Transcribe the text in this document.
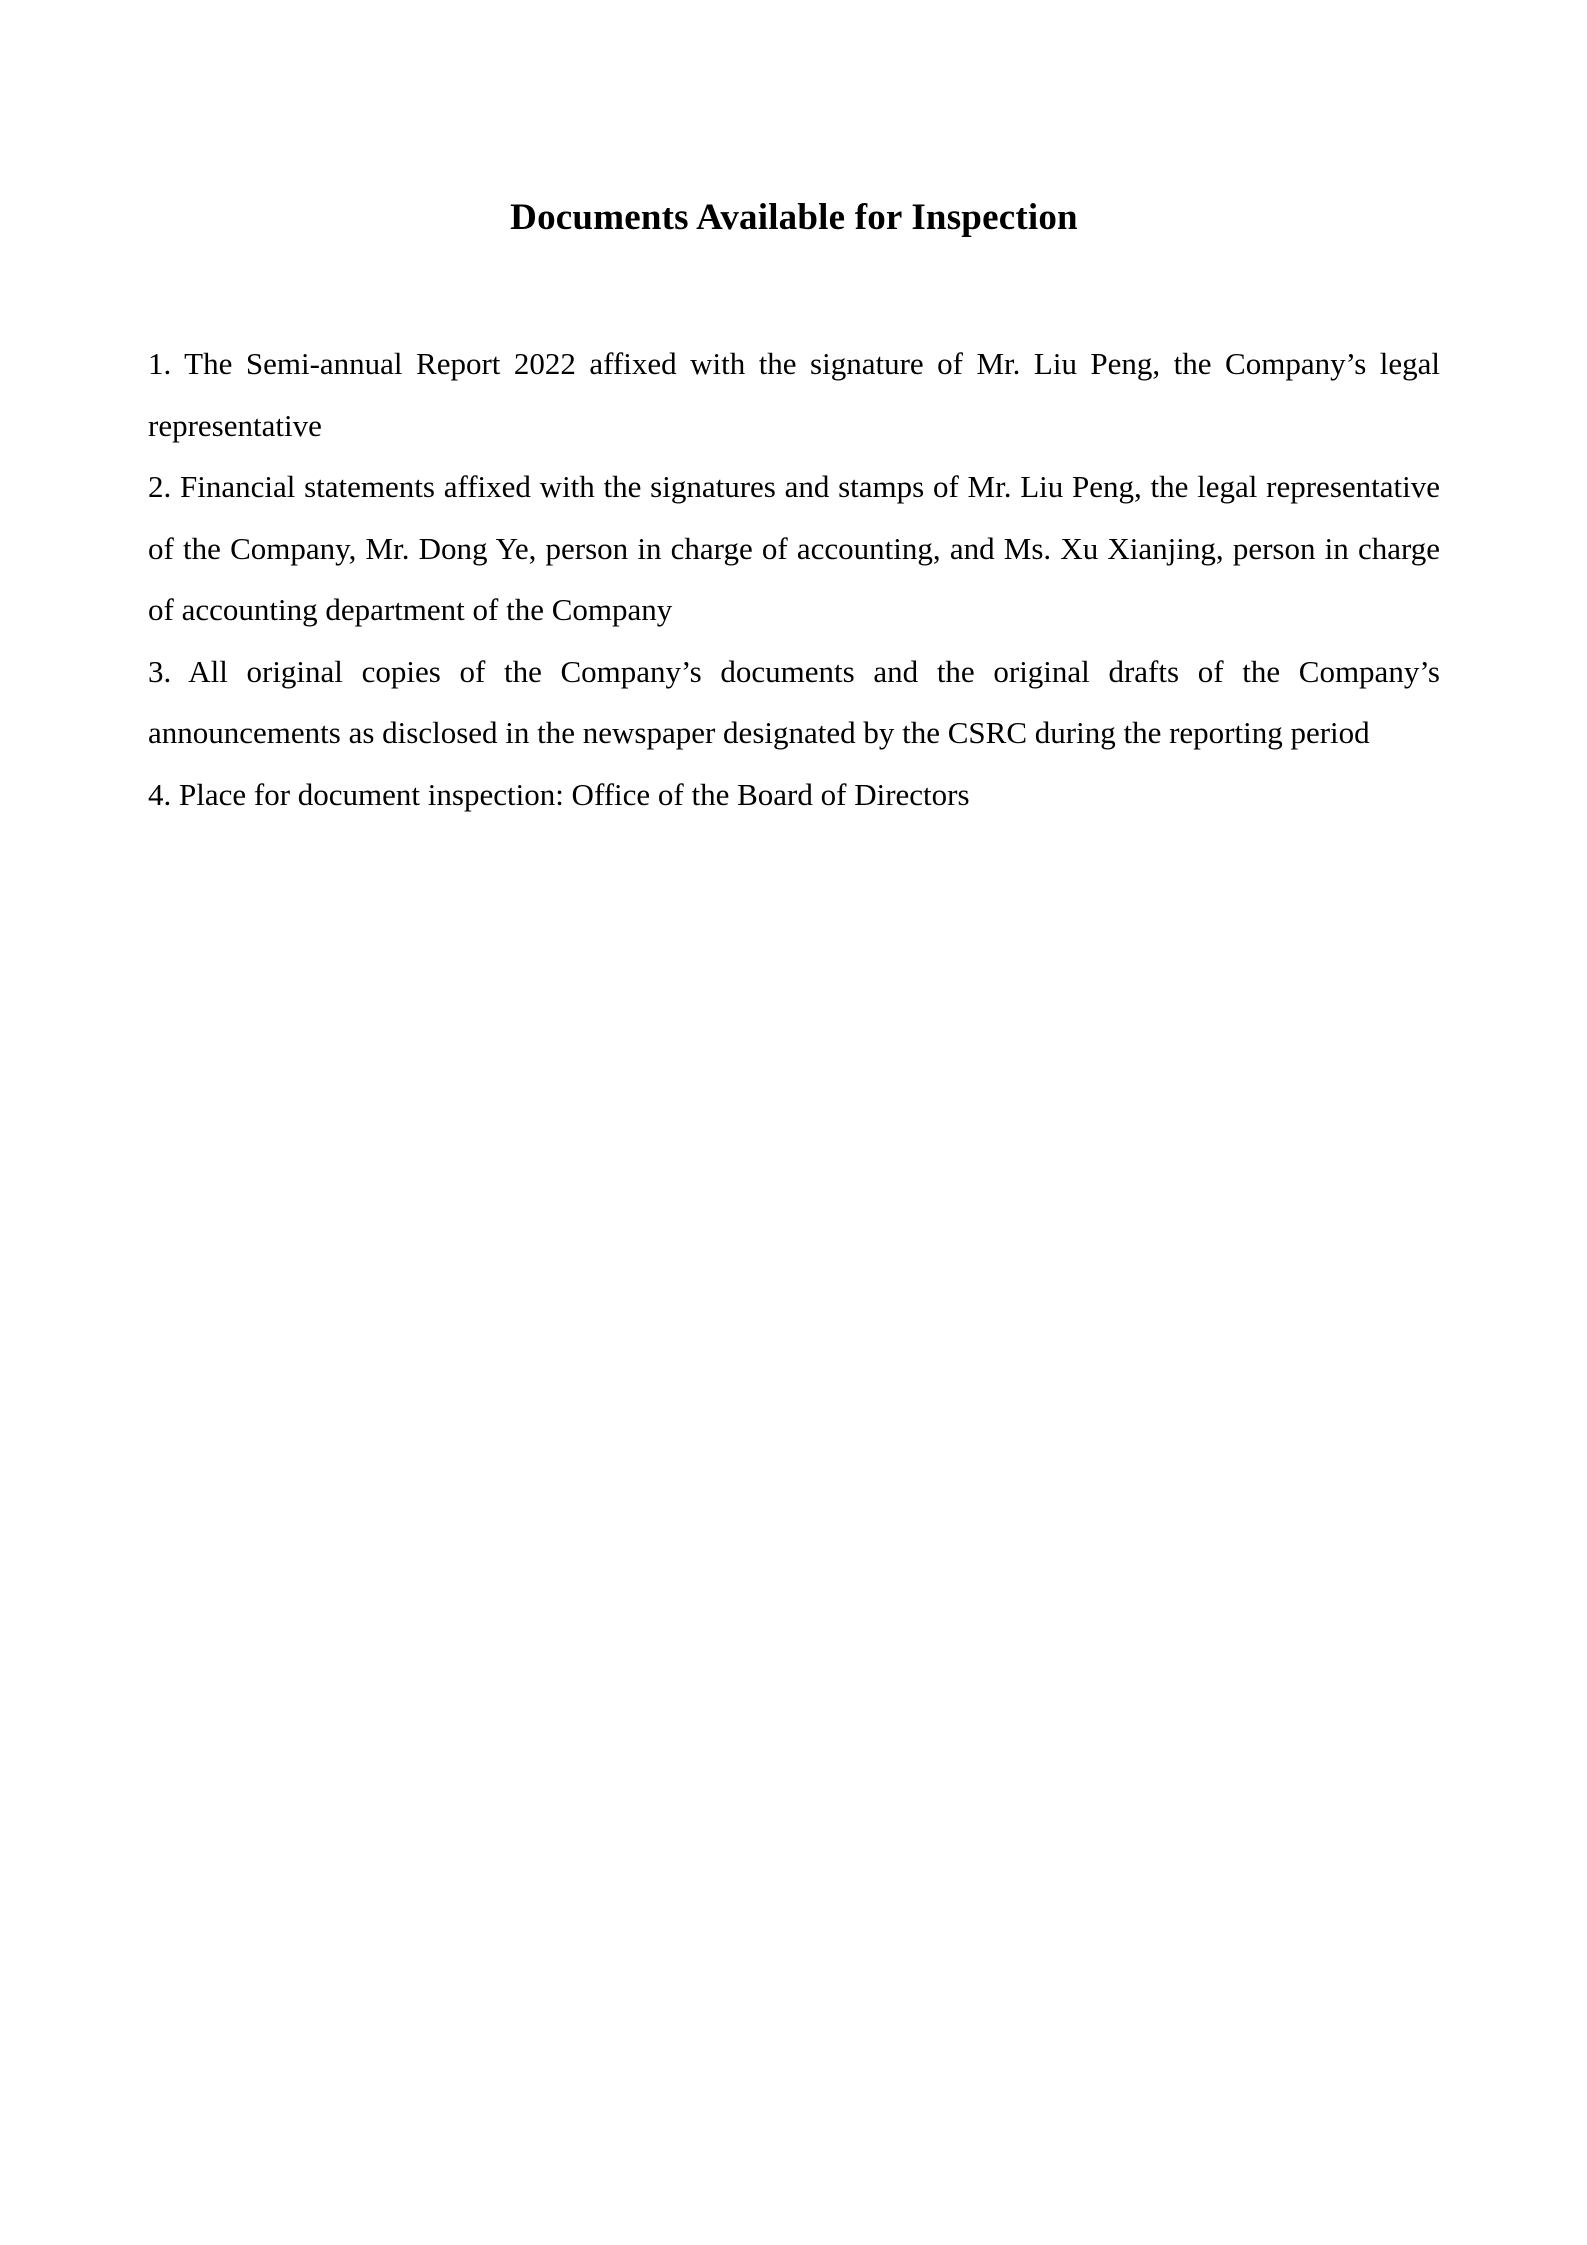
Documents Available for Inspection

1. The Semi-annual Report 2022 affixed with the signature of Mr. Liu Peng, the Company’s legal representative

2. Financial statements affixed with the signatures and stamps of Mr. Liu Peng, the legal representative of the Company, Mr. Dong Ye, person in charge of accounting, and Ms. Xu Xianjing, person in charge of accounting department of the Company

3. All original copies of the Company’s documents and the original drafts of the Company’s announcements as disclosed in the newspaper designated by the CSRC during the reporting period

4. Place for document inspection: Office of the Board of Directors
